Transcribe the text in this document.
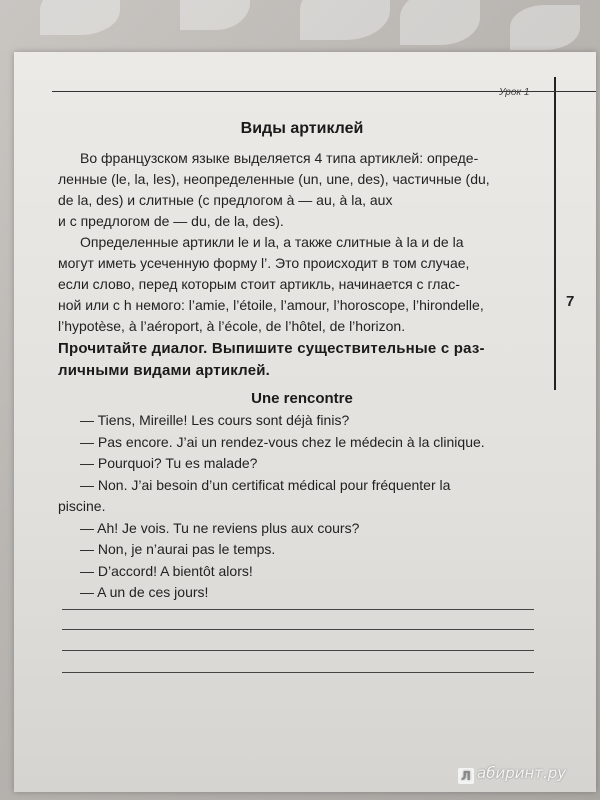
Урок 1
7
Виды артиклей
Во французском языке выделяется 4 типа артиклей: опреде-
ленные (le, la, les), неопределенные (un, une, des), частичные (du,
de la, des) и слитные (с предлогом à — au, à la, aux
и с предлогом de — du, de la, des).
Определенные артикли le и la, а также слитные à la и de la
могут иметь усеченную форму l’. Это происходит в том случае,
если слово, перед которым стоит артикль, начинается с глас-
ной или с h немого: l’amie, l’étoile, l’amour, l’horoscope, l’hirondelle,
l’hypotèse, à l’aéroport, à l’école, de l’hôtel, de l’horizon.
Прочитайте диалог. Выпишите существительные с раз-
личными видами артиклей.
Une rencontre
— Tiens, Mireille! Les cours sont déjà finis?
— Pas encore. J’ai un rendez-vous chez le médecin à la clinique.
— Pourquoi? Tu es malade?
— Non. J’ai besoin d’un certificat médical pour fréquenter la
piscine.
— Ah! Je vois. Tu ne reviens plus aux cours?
— Non, je n’aurai pas le temps.
— D’accord! A bientôt alors!
— A un de ces jours!
Л абиринт.ру
